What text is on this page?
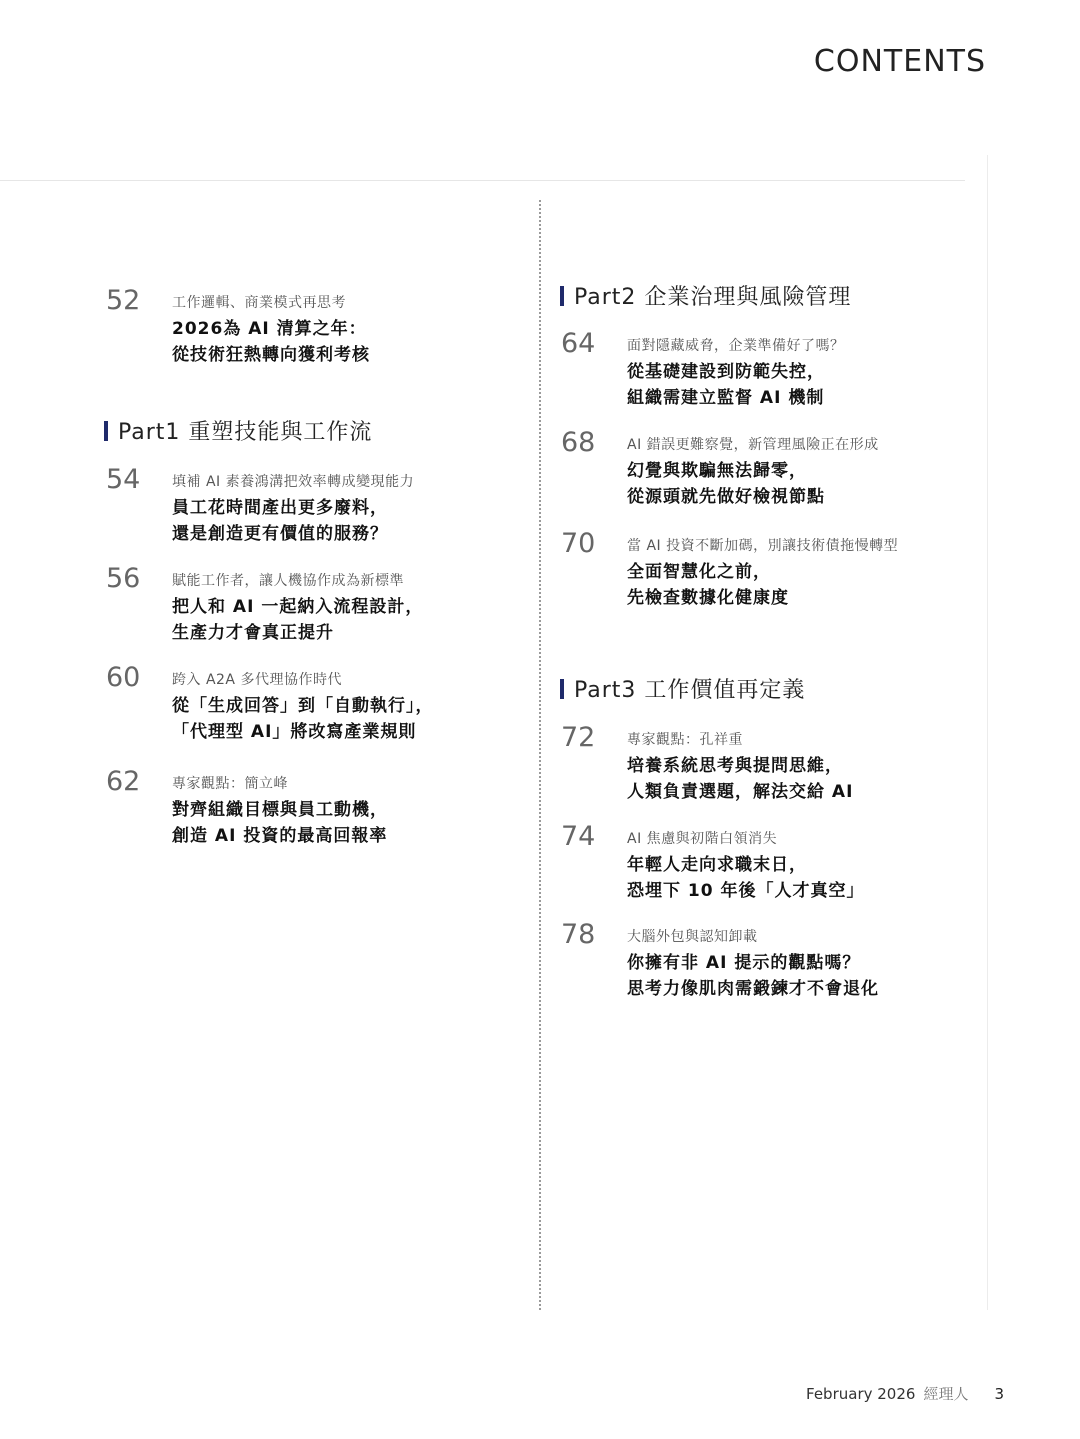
CONTENTS
52 工作邏輯、商業模式再思考
2026為 AI 清算之年：
從技術狂熱轉向獲利考核
Part1 重塑技能與工作流
54 填補 AI 素養鴻溝把效率轉成變現能力
員工花時間產出更多廢料，
還是創造更有價值的服務？
56 賦能工作者，讓人機協作成為新標準
把人和 AI 一起納入流程設計，
生產力才會真正提升
60 跨入 A2A 多代理協作時代
從「生成回答」到「自動執行」，
「代理型 AI」將改寫產業規則
62 專家觀點：簡立峰
對齊組織目標與員工動機，
創造 AI 投資的最高回報率
Part2 企業治理與風險管理
64 面對隱藏威脅，企業準備好了嗎？
從基礎建設到防範失控，
組織需建立監督 AI 機制
68 AI 錯誤更難察覺，新管理風險正在形成
幻覺與欺騙無法歸零，
從源頭就先做好檢視節點
70 當 AI 投資不斷加碼，別讓技術債拖慢轉型
全面智慧化之前，
先檢查數據化健康度
Part3 工作價值再定義
72 專家觀點：孔祥重
培養系統思考與提問思維，
人類負責選題，解法交給 AI
74 AI 焦慮與初階白領消失
年輕人走向求職末日，
恐埋下 10 年後「人才真空」
78 大腦外包與認知卸載
你擁有非 AI 提示的觀點嗎？
思考力像肌肉需鍛鍊才不會退化
February 2026 經理人 3
